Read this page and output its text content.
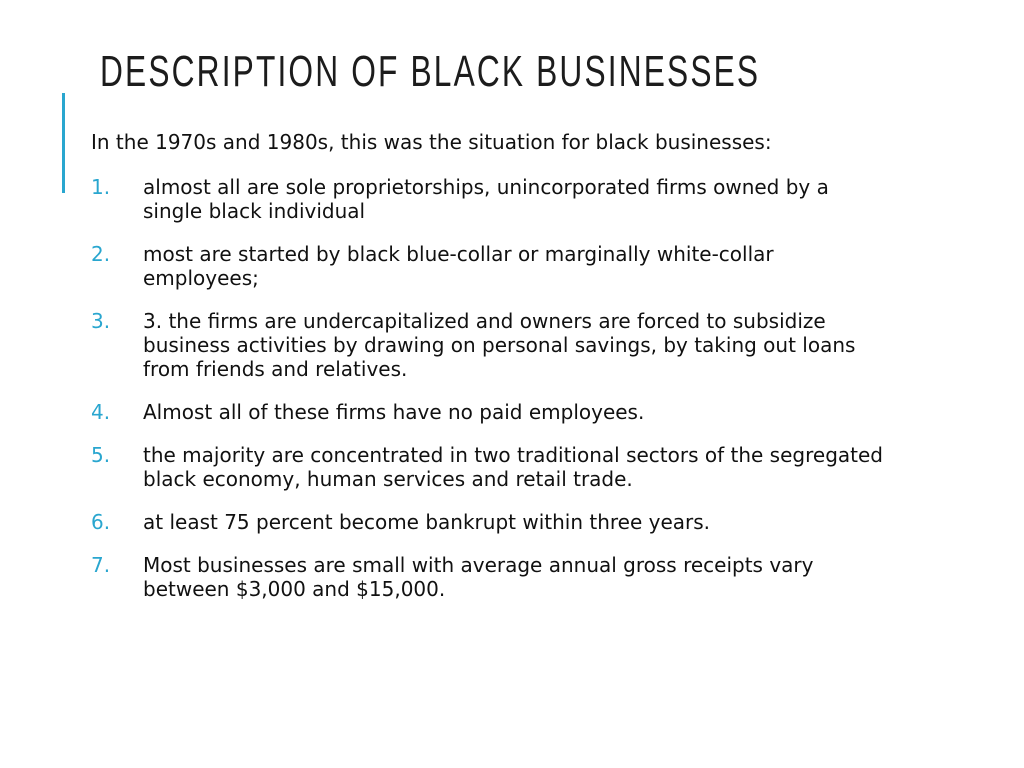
DESCRIPTION OF BLACK BUSINESSES

In the 1970s and 1980s, this was the situation for black businesses:

1.	almost all are sole proprietorships, unincorporated firms owned by a
single black individual
2.	most are started by black blue-collar or marginally white-collar
employees;
3.	3. the firms are undercapitalized and owners are forced to subsidize
business activities by drawing on personal savings, by taking out loans
from friends and relatives.
4.	Almost all of these firms have no paid employees.
5.	the majority are concentrated in two traditional sectors of the segregated
black economy, human services and retail trade.
6.	at least 75 percent become bankrupt within three years.
7.	Most businesses are small with average annual gross receipts vary
between $3,000 and $15,000.
